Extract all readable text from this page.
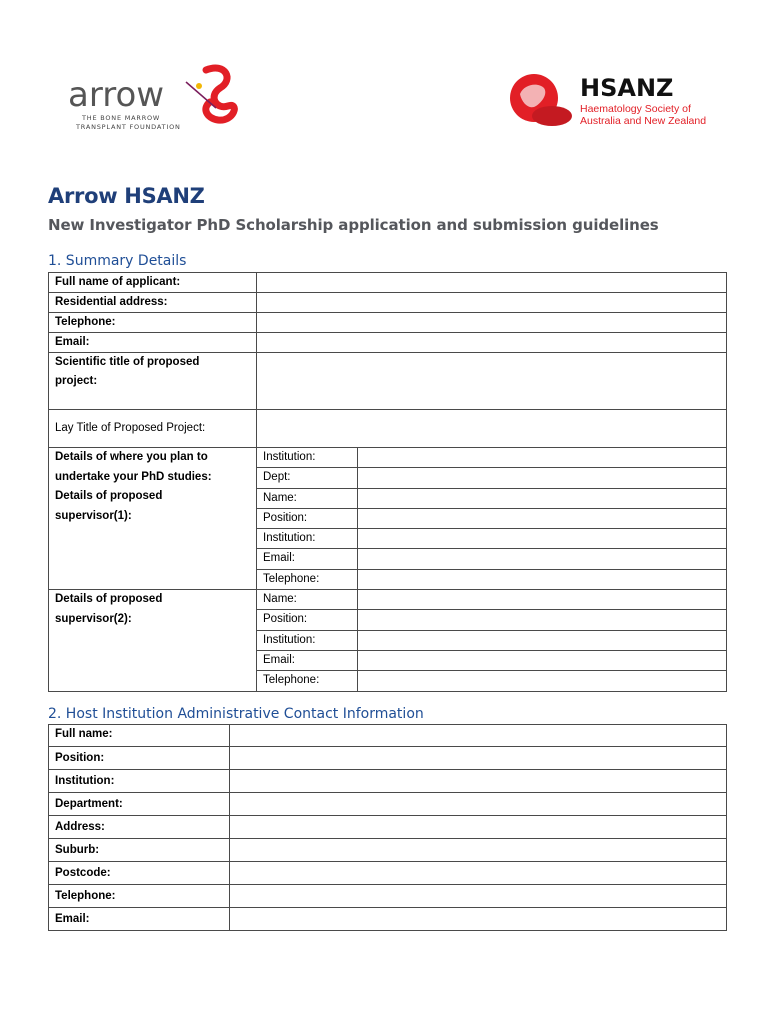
arrow
THE BONE MARROW
TRANSPLANT FOUNDATION
HSANZ
Haematology Society of
Australia and New Zealand
Arrow HSANZ
New Investigator PhD Scholarship application and submission guidelines
1. Summary Details
Full name of applicant:		
Residential address:		
Telephone:		
Email:		

Scientific title of proposed
project:		

Lay Title of Proposed Project:		

Details of where you plan to
undertake your PhD studies:
Details of proposed
supervisor(1):	Institution:	
	Dept:	
	Name:	
	Position:	
	Institution:	
	Email:	
	Telephone:	

Details of proposed
supervisor(2):	Name:	
	Position:	
	Institution:	
	Email:	
	Telephone:	
2. Host Institution Administrative Contact Information
Full name:	
Position:	
Institution:	
Department:	
Address:	
Suburb:	
Postcode:	
Telephone:	
Email:	
